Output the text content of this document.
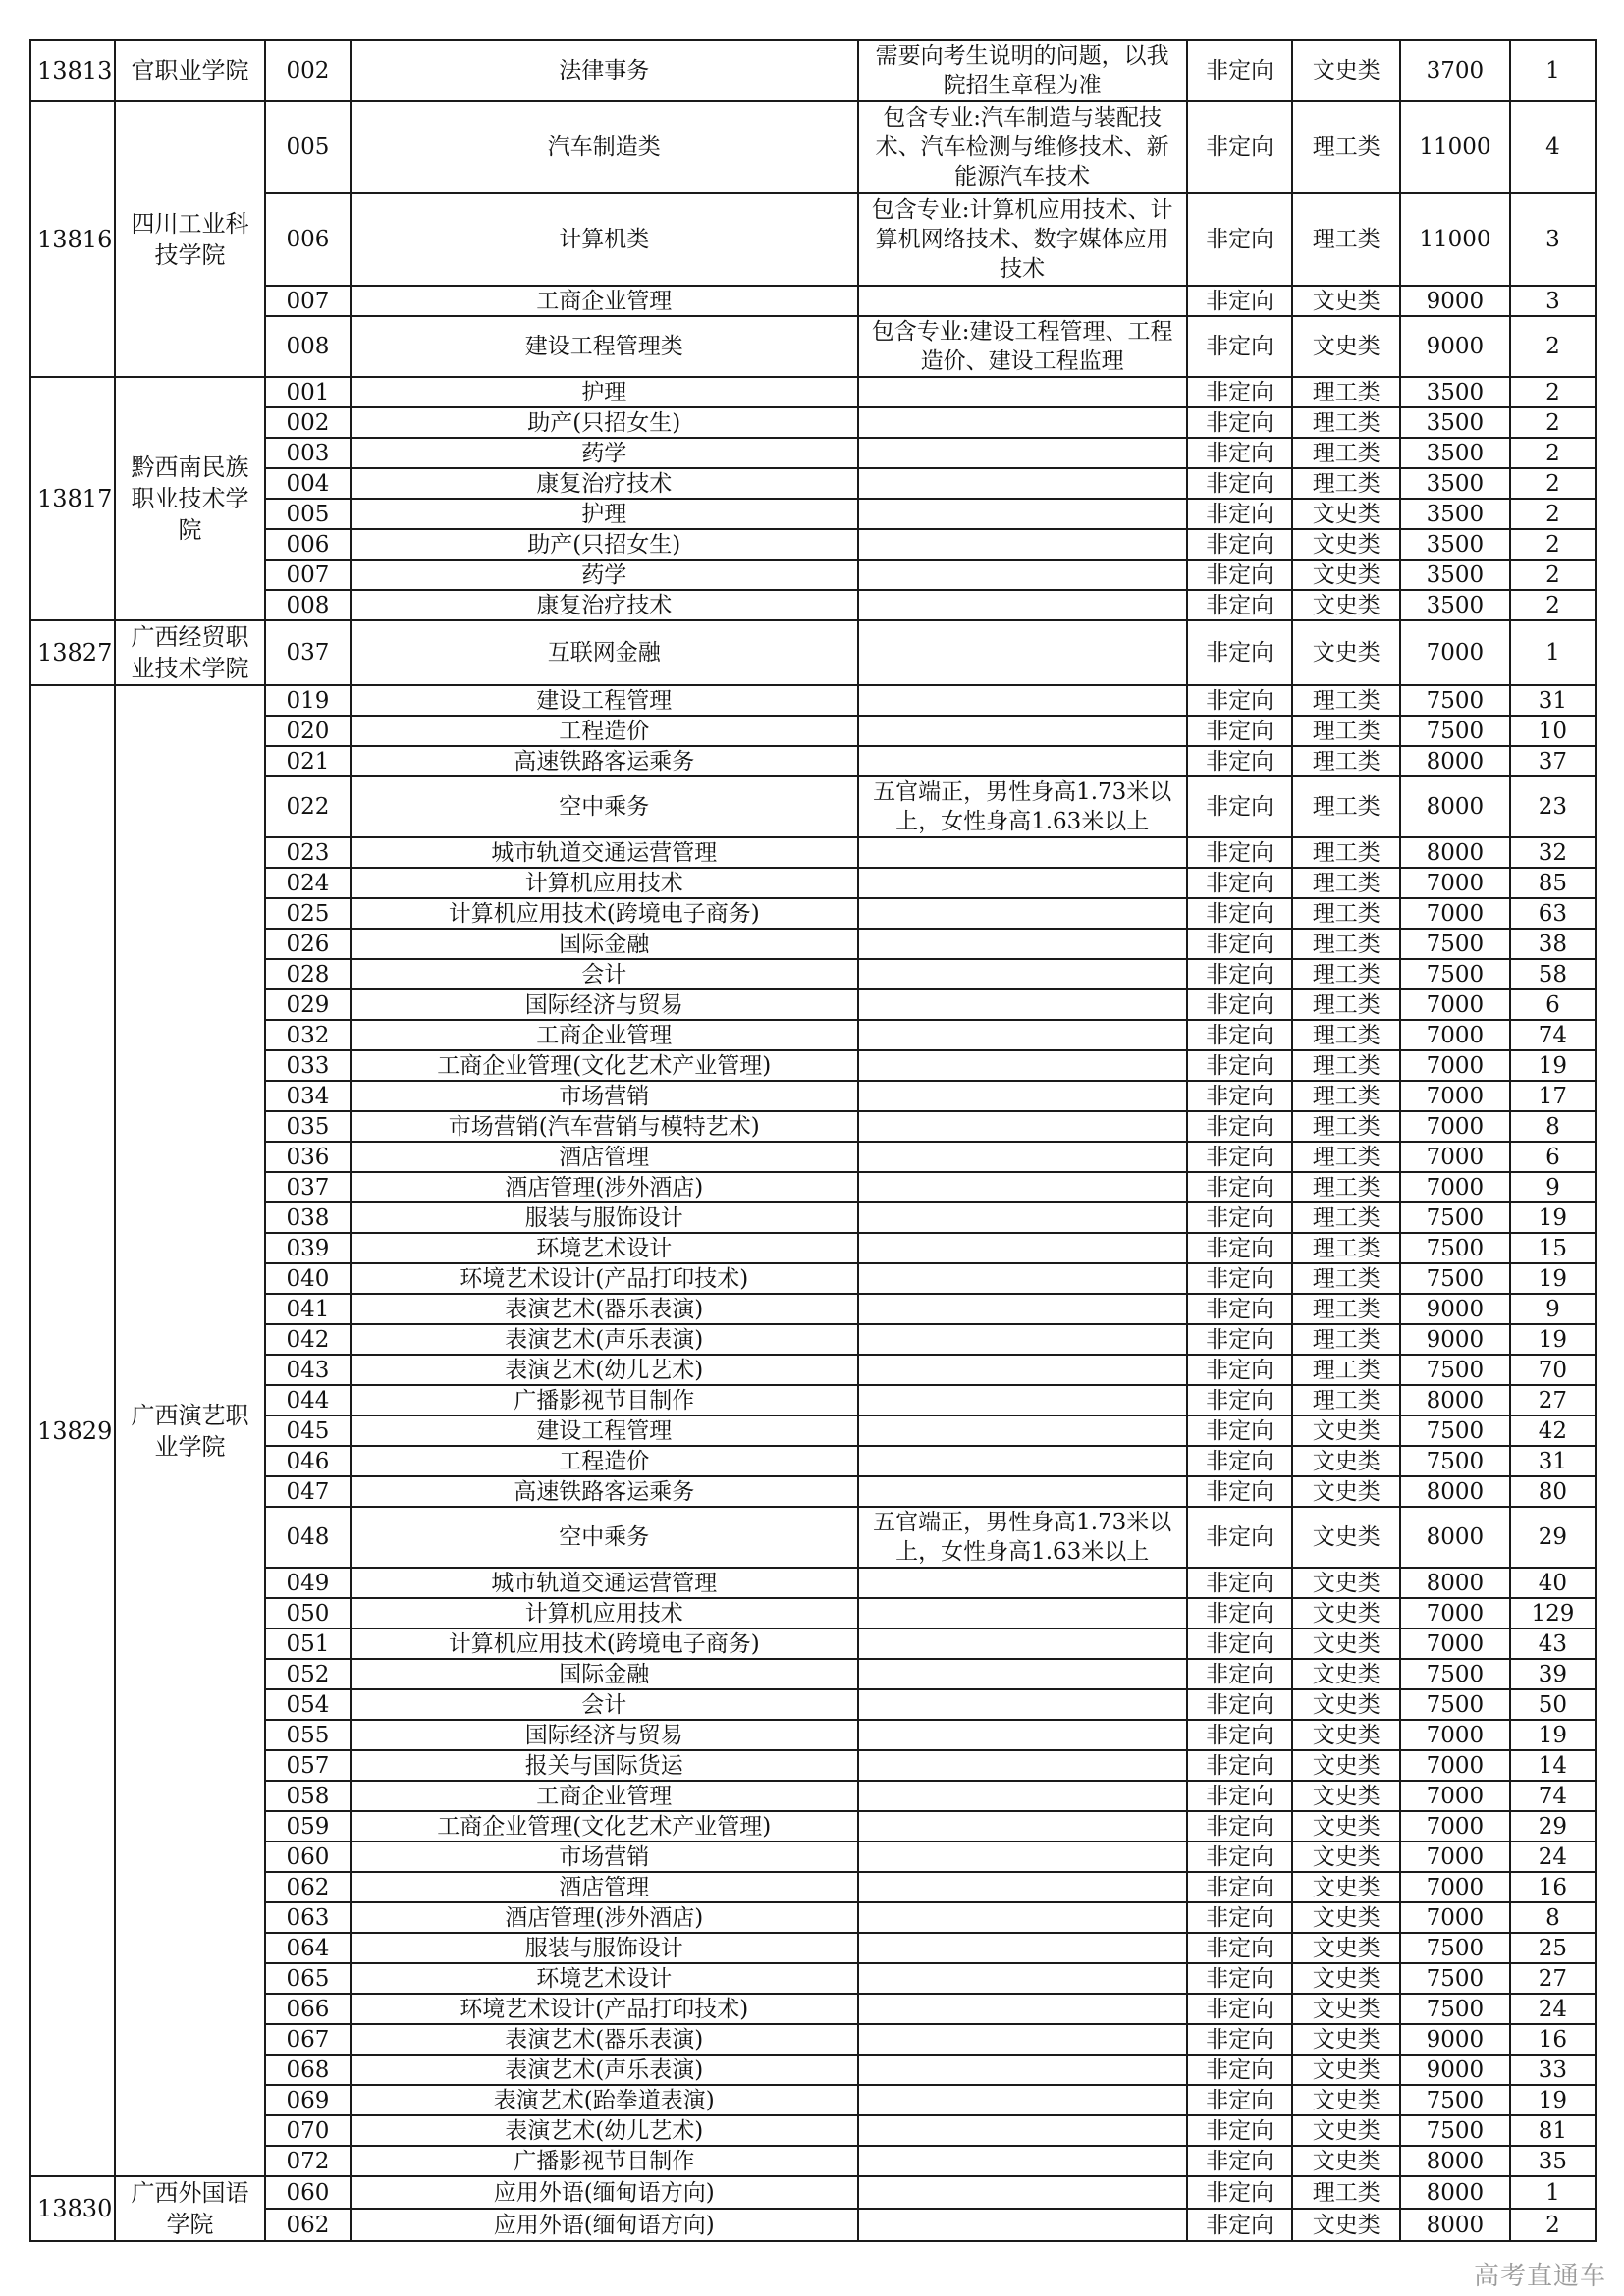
13813	官职业学院	002	法律事务	需要向考生说明的问题，以我院招生章程为准	非定向	文史类	3700	1
13816	四川工业科技学院	005	汽车制造类	包含专业:汽车制造与装配技术、汽车检测与维修技术、新能源汽车技术	非定向	理工类	11000	4
		006	计算机类	包含专业:计算机应用技术、计算机网络技术、数字媒体应用技术	非定向	理工类	11000	3
		007	工商企业管理		非定向	文史类	9000	3
		008	建设工程管理类	包含专业:建设工程管理、工程造价、建设工程监理	非定向	文史类	9000	2
13817	黔西南民族职业技术学院	001	护理		非定向	理工类	3500	2
		002	助产(只招女生)		非定向	理工类	3500	2
		003	药学		非定向	理工类	3500	2
		004	康复治疗技术		非定向	理工类	3500	2
		005	护理		非定向	文史类	3500	2
		006	助产(只招女生)		非定向	文史类	3500	2
		007	药学		非定向	文史类	3500	2
		008	康复治疗技术		非定向	文史类	3500	2
13827	广西经贸职业技术学院	037	互联网金融		非定向	文史类	7000	1
13829	广西演艺职业学院	019	建设工程管理		非定向	理工类	7500	31
		020	工程造价		非定向	理工类	7500	10
		021	高速铁路客运乘务		非定向	理工类	8000	37
		022	空中乘务	五官端正，男性身高1.73米以上，女性身高1.63米以上	非定向	理工类	8000	23
		023	城市轨道交通运营管理		非定向	理工类	8000	32
		024	计算机应用技术		非定向	理工类	7000	85
		025	计算机应用技术(跨境电子商务)		非定向	理工类	7000	63
		026	国际金融		非定向	理工类	7500	38
		028	会计		非定向	理工类	7500	58
		029	国际经济与贸易		非定向	理工类	7000	6
		032	工商企业管理		非定向	理工类	7000	74
		033	工商企业管理(文化艺术产业管理)		非定向	理工类	7000	19
		034	市场营销		非定向	理工类	7000	17
		035	市场营销(汽车营销与模特艺术)		非定向	理工类	7000	8
		036	酒店管理		非定向	理工类	7000	6
		037	酒店管理(涉外酒店)		非定向	理工类	7000	9
		038	服装与服饰设计		非定向	理工类	7500	19
		039	环境艺术设计		非定向	理工类	7500	15
		040	环境艺术设计(产品打印技术)		非定向	理工类	7500	19
		041	表演艺术(器乐表演)		非定向	理工类	9000	9
		042	表演艺术(声乐表演)		非定向	理工类	9000	19
		043	表演艺术(幼儿艺术)		非定向	理工类	7500	70
		044	广播影视节目制作		非定向	理工类	8000	27
		045	建设工程管理		非定向	文史类	7500	42
		046	工程造价		非定向	文史类	7500	31
		047	高速铁路客运乘务		非定向	文史类	8000	80
		048	空中乘务	五官端正，男性身高1.73米以上，女性身高1.63米以上	非定向	文史类	8000	29
		049	城市轨道交通运营管理		非定向	文史类	8000	40
		050	计算机应用技术		非定向	文史类	7000	129
		051	计算机应用技术(跨境电子商务)		非定向	文史类	7000	43
		052	国际金融		非定向	文史类	7500	39
		054	会计		非定向	文史类	7500	50
		055	国际经济与贸易		非定向	文史类	7000	19
		057	报关与国际货运		非定向	文史类	7000	14
		058	工商企业管理		非定向	文史类	7000	74
		059	工商企业管理(文化艺术产业管理)		非定向	文史类	7000	29
		060	市场营销		非定向	文史类	7000	24
		062	酒店管理		非定向	文史类	7000	16
		063	酒店管理(涉外酒店)		非定向	文史类	7000	8
		064	服装与服饰设计		非定向	文史类	7500	25
		065	环境艺术设计		非定向	文史类	7500	27
		066	环境艺术设计(产品打印技术)		非定向	文史类	7500	24
		067	表演艺术(器乐表演)		非定向	文史类	9000	16
		068	表演艺术(声乐表演)		非定向	文史类	9000	33
		069	表演艺术(跆拳道表演)		非定向	文史类	7500	19
		070	表演艺术(幼儿艺术)		非定向	文史类	7500	81
		072	广播影视节目制作		非定向	文史类	8000	35
13830	广西外国语学院	060	应用外语(缅甸语方向)		非定向	理工类	8000	1
		062	应用外语(缅甸语方向)		非定向	文史类	8000	2
高考直通车
